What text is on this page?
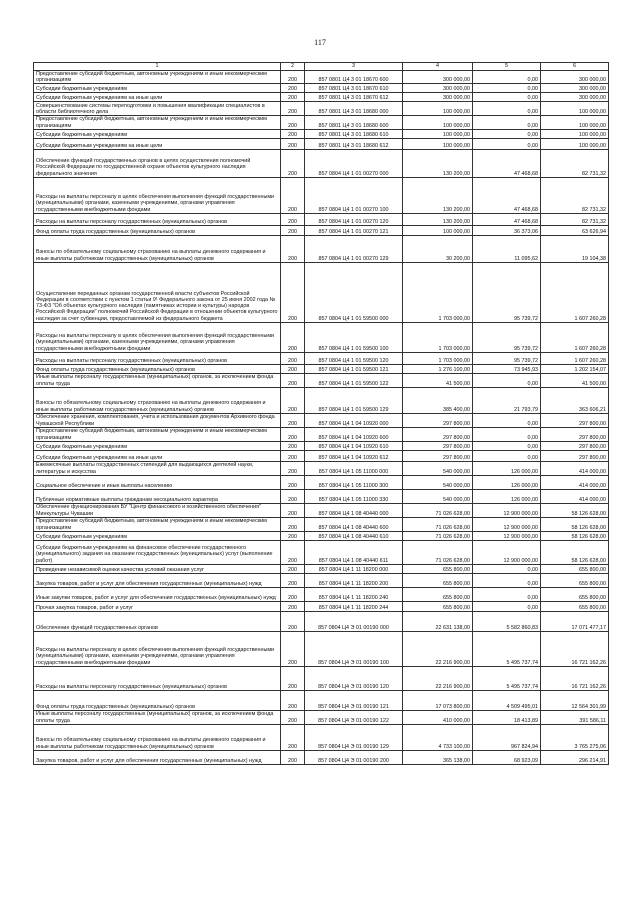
117
1	2	3	4	5	6
Предоставление субсидий бюджетным, автономным учреждениям и иным некоммерческим организациям	200	857 0801 Ц4 3 01 18670 600	300 000,00	0,00	300 000,00
Субсидии бюджетным учреждениям	200	857 0801 Ц4 3 01 18670 610	300 000,00	0,00	300 000,00
Субсидии бюджетным учреждениям на иные цели	200	857 0801 Ц4 3 01 18670 612	300 000,00	0,00	300 000,00
Совершенствование системы переподготовки и повышения квалификации специалистов в области библиотечного дела	200	857 0801 Ц4 3 01 18680 000	100 000,00	0,00	100 000,00
Предоставление субсидий бюджетным, автономным учреждениям и иным некоммерческим организациям	200	857 0801 Ц4 3 01 18680 600	100 000,00	0,00	100 000,00
Субсидии бюджетным учреждениям	200	857 0801 Ц4 3 01 18680 610	100 000,00	0,00	100 000,00
Субсидии бюджетным учреждениям на иные цели	200	857 0801 Ц4 3 01 18680 612	100 000,00	0,00	100 000,00
Обеспечение функций государственных органов в целях осуществления полномочий Российской Федерации по государственной охране объектов культурного наследия федерального значения	200	857 0804 Ц4 1 01 00270 000	130 200,00	47 468,68	82 731,32
Расходы на выплаты персоналу в целях обеспечения выполнения функций государственными (муниципальными) органами, казенными учреждениями, органами управления государственными внебюджетными фондами	200	857 0804 Ц4 1 01 00270 100	130 200,00	47 468,68	82 731,32
Расходы на выплаты персоналу государственных (муниципальных) органов	200	857 0804 Ц4 1 01 00270 120	130 200,00	47 468,68	82 731,32
Фонд оплаты труда государственных (муниципальных) органов	200	857 0804 Ц4 1 01 00270 121	100 000,00	36 373,06	63 626,94
Взносы по обязательному социальному страхованию на выплаты денежного содержания и иные выплаты работникам государственных (муниципальных) органов	200	857 0804 Ц4 1 01 00270 129	30 200,00	11 095,62	19 104,38
Осуществление переданных органам государственной власти субъектов Российской Федерации в соответствии с пунктом 1 статьи 9¹ Федерального закона от 25 июня 2002 года № 73-ФЗ "Об объектах культурного наследия (памятниках истории и культуры) народов Российской Федерации" полномочий Российской Федерации в отношении объектов культурного наследия за счет субвенции, предоставляемой из федерального бюджета	200	857 0804 Ц4 1 01 59500 000	1 703 000,00	95 739,72	1 607 260,28
Расходы на выплаты персоналу в целях обеспечения выполнения функций государственными (муниципальными) органами, казенными учреждениями, органами управления государственными внебюджетными фондами	200	857 0804 Ц4 1 01 59500 100	1 703 000,00	95 739,72	1 607 260,28
Расходы на выплаты персоналу государственных (муниципальных) органов	200	857 0804 Ц4 1 01 59500 120	1 703 000,00	95 739,72	1 607 260,28
Фонд оплаты труда государственных (муниципальных) органов	200	857 0804 Ц4 1 01 59500 121	1 276 100,00	73 945,93	1 202 154,07
Иные выплаты персоналу государственных (муниципальных) органов, за исключением фонда оплаты труда	200	857 0804 Ц4 1 01 59500 122	41 500,00	0,00	41 500,00
Взносы по обязательному социальному страхованию на выплаты денежного содержания и иные выплаты работникам государственных (муниципальных) органов	200	857 0804 Ц4 1 01 59500 129	385 400,00	21 793,79	363 606,21
Обеспечение хранения, комплектования, учета и использования документов Архивного фонда Чувашской Республики	200	857 0804 Ц4 1 04 10920 000	297 800,00	0,00	297 800,00
Предоставление субсидий бюджетным, автономным учреждениям и иным некоммерческим организациям	200	857 0804 Ц4 1 04 10920 600	297 800,00	0,00	297 800,00
Субсидии бюджетным учреждениям	200	857 0804 Ц4 1 04 10920 610	297 800,00	0,00	297 800,00
Субсидии бюджетным учреждениям на иные цели	200	857 0804 Ц4 1 04 10920 612	297 800,00	0,00	297 800,00
Ежемесячные выплаты государственных стипендий для выдающихся деятелей науки, литературы и искусства	200	857 0804 Ц4 1 05 11000 000	540 000,00	126 000,00	414 000,00
Социальное обеспечение и иные выплаты населению	200	857 0804 Ц4 1 05 11000 300	540 000,00	126 000,00	414 000,00
Публичные нормативные выплаты гражданам несоциального характера	200	857 0804 Ц4 1 05 11000 330	540 000,00	126 000,00	414 000,00
Обеспечение функционирования БУ "Центр финансового и хозяйственного обеспечения" Минкультуры Чувашии	200	857 0804 Ц4 1 08 40440 000	71 026 628,00	12 900 000,00	58 126 628,00
Предоставление субсидий бюджетным, автономным учреждениям и иным некоммерческим организациям	200	857 0804 Ц4 1 08 40440 600	71 026 628,00	12 900 000,00	58 126 628,00
Субсидии бюджетным учреждениям	200	857 0804 Ц4 1 08 40440 610	71 026 628,00	12 900 000,00	58 126 628,00
Субсидии бюджетным учреждениям на финансовое обеспечение государственного (муниципального) задания на оказание государственных (муниципальных) услуг (выполнение работ)	200	857 0804 Ц4 1 08 40440 611	71 026 628,00	12 900 000,00	58 126 628,00
Проведение независимой оценки качества условий оказания услуг	200	857 0804 Ц4 1 11 18200 000	655 800,00	0,00	655 800,00
Закупка товаров, работ и услуг для обеспечения государственных (муниципальных) нужд	200	857 0804 Ц4 1 11 18200 200	655 800,00	0,00	655 800,00
Иные закупки товаров, работ и услуг для обеспечения государственных (муниципальных) нужд	200	857 0804 Ц4 1 11 18200 240	655 800,00	0,00	655 800,00
Прочая закупка товаров, работ и услуг	200	857 0804 Ц4 1 11 18200 244	655 800,00	0,00	655 800,00
Обеспечение функций государственных органов	200	857 0804 Ц4 Э 01 00190 000	22 631 138,00	5 582 860,83	17 071 477,17
Расходы на выплаты персоналу в целях обеспечения выполнения функций государственными (муниципальными) органами, казенными учреждениями, органами управления государственными внебюджетными фондами	200	857 0804 Ц4 Э 01 00190 100	22 216 900,00	5 495 737,74	16 721 162,26
Расходы на выплаты персоналу государственных (муниципальных) органов	200	857 0804 Ц4 Э 01 00190 120	22 216 900,00	5 495 737,74	16 721 162,26
Фонд оплаты труда государственных (муниципальных) органов	200	857 0804 Ц4 Э 01 00190 121	17 073 800,00	4 509 495,01	12 564 301,99
Иные выплаты персоналу государственных (муниципальных) органов, за исключением фонда оплаты труда	200	857 0804 Ц4 Э 01 00190 122	410 000,00	18 413,89	391 586,11
Взносы по обязательному социальному страхованию на выплаты денежного содержания и иные выплаты работникам государственных (муниципальных) органов	200	857 0804 Ц4 Э 01 00190 129	4 733 100,00	967 824,94	3 765 275,06
Закупка товаров, работ и услуг для обеспечения государственных (муниципальных) нужд	200	857 0804 Ц4 Э 01 00190 200	365 138,00	68 923,09	296 214,91
